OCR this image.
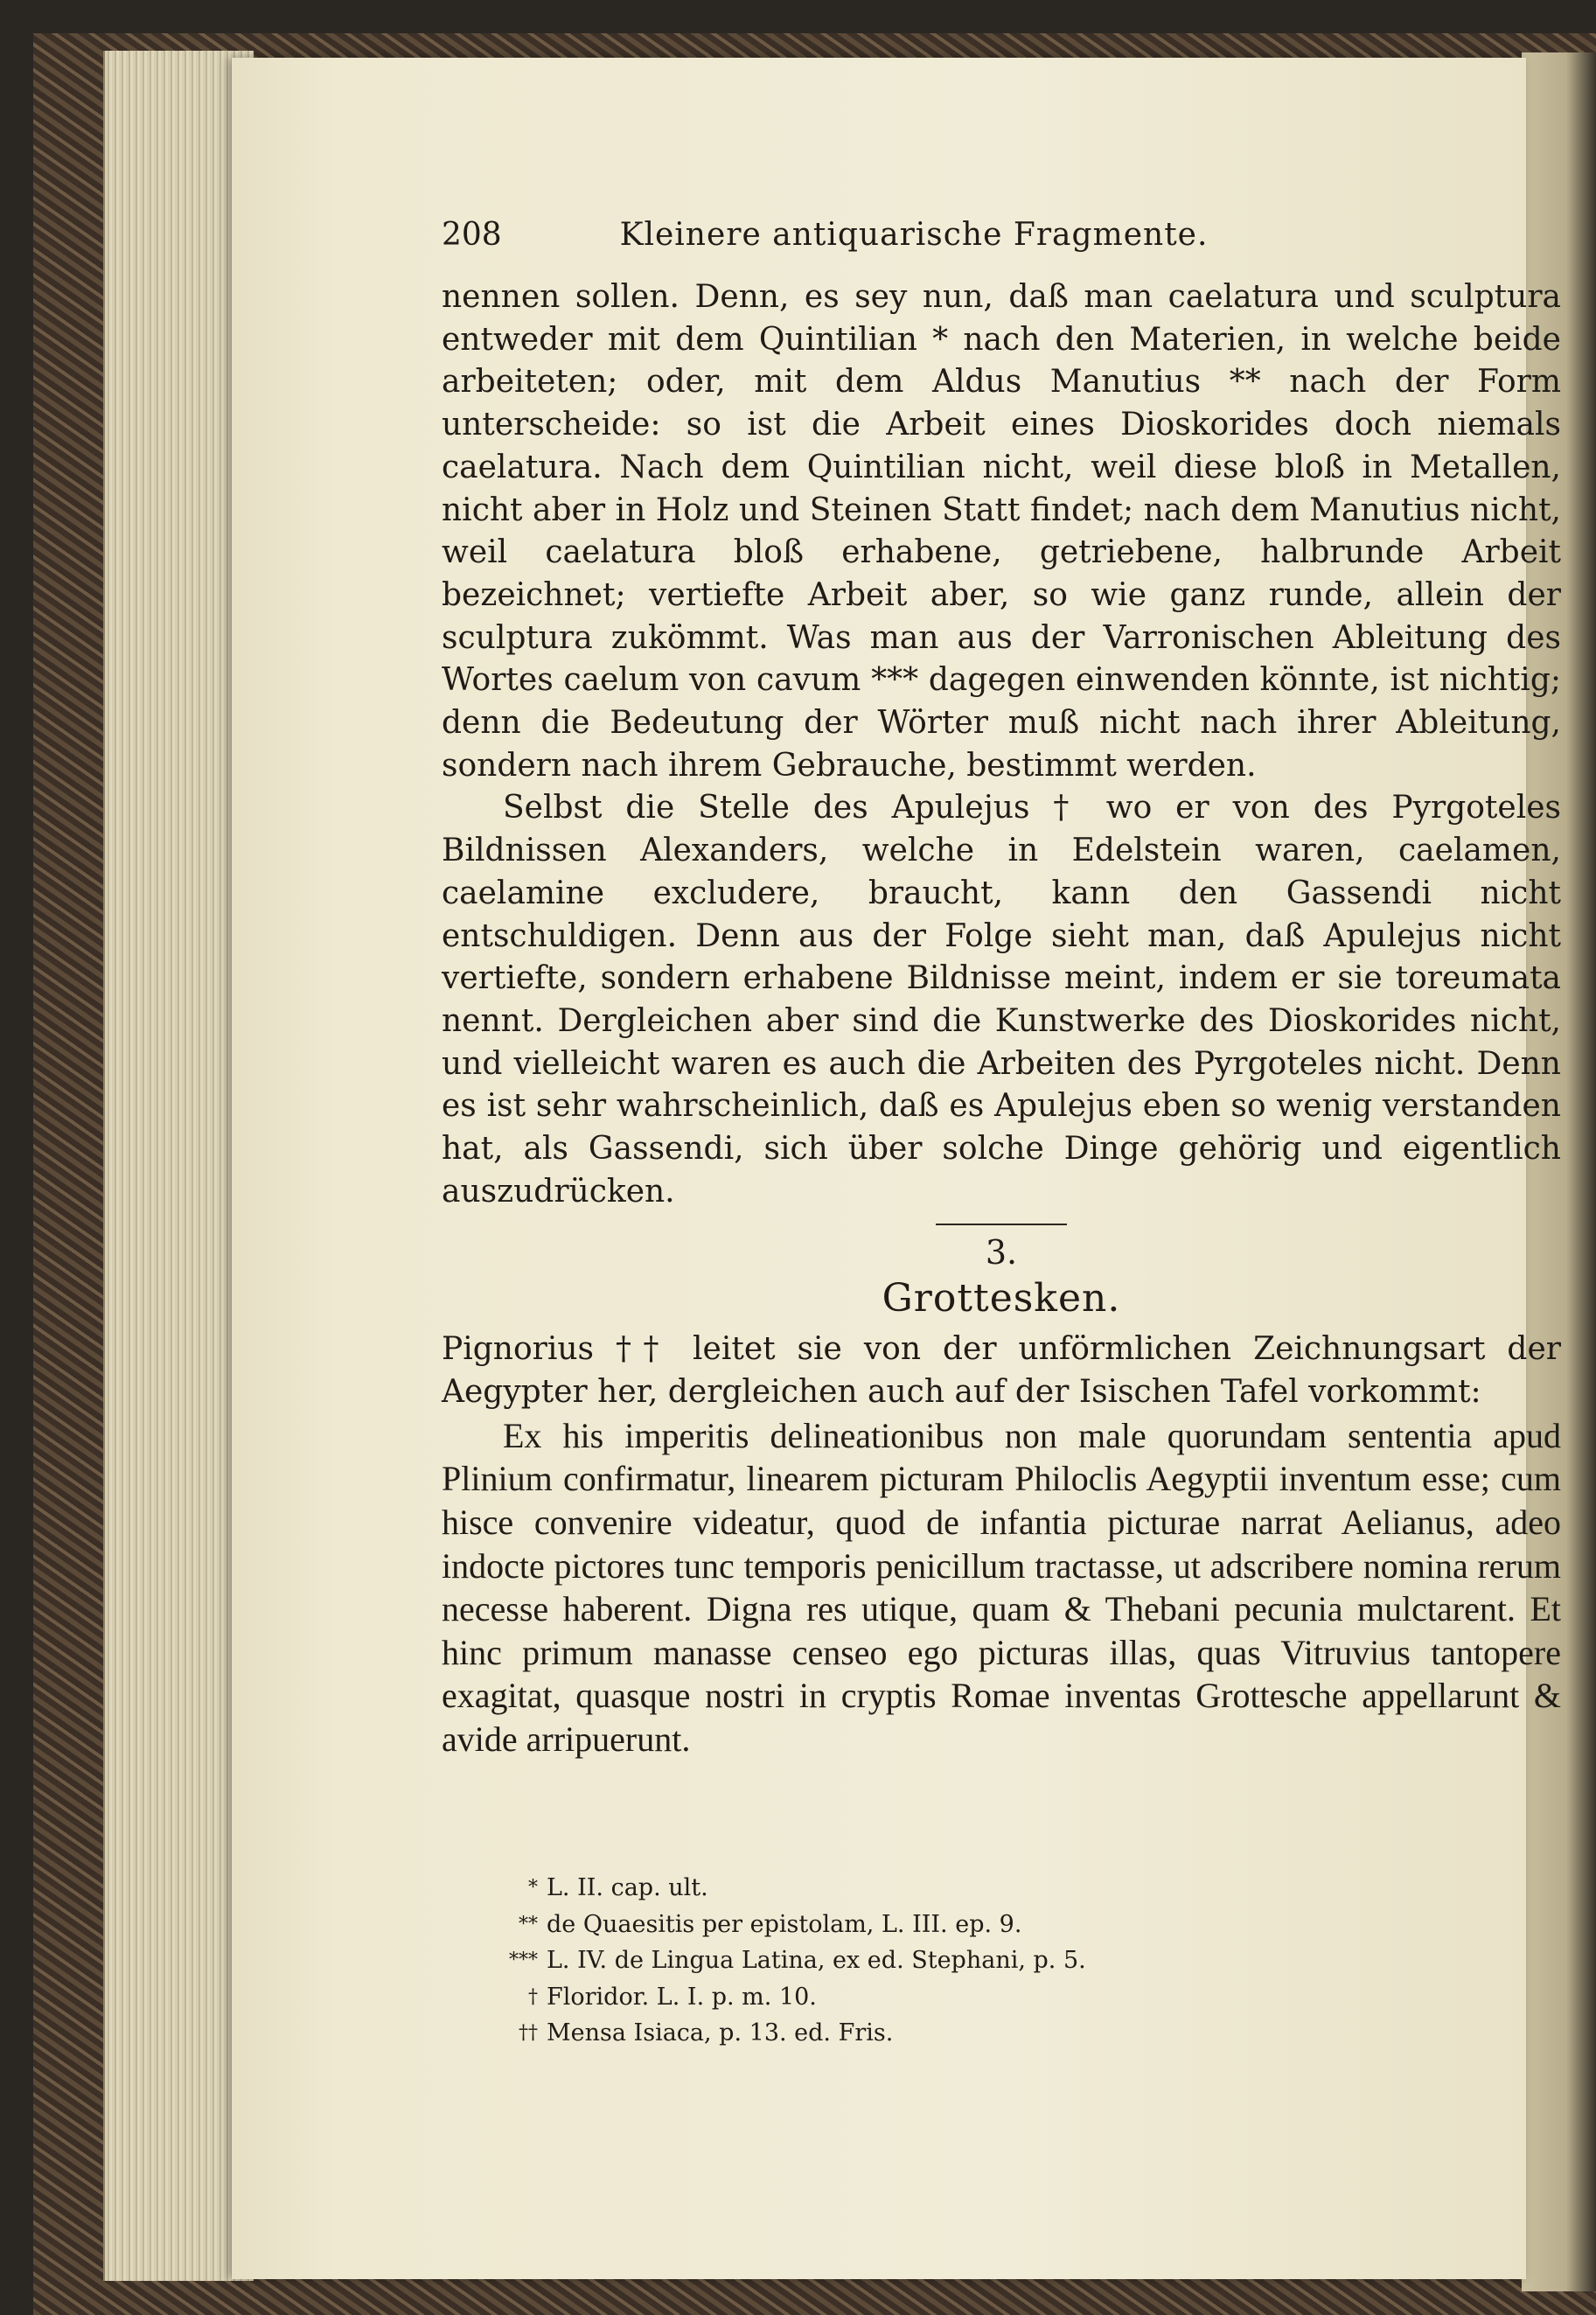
208	Kleinere antiquarische Fragmente.

nennen sollen. Denn, es sey nun, daß man caelatura und sculptura entweder mit dem Quintilian * nach den Materien, in welche beide arbeiteten; oder, mit dem Aldus Manutius ** nach der Form unterscheide: so ist die Arbeit eines Dioskorides doch niemals caelatura. Nach dem Quintilian nicht, weil diese bloß in Metallen, nicht aber in Holz und Steinen Statt findet; nach dem Manutius nicht, weil caelatura bloß erhabene, getriebene, halbrunde Arbeit bezeichnet; vertiefte Arbeit aber, so wie ganz runde, allein der sculptura zukömmt. Was man aus der Varronischen Ableitung des Wortes caelum von cavum *** dagegen einwenden könnte, ist nichtig; denn die Bedeutung der Wörter muß nicht nach ihrer Ableitung, sondern nach ihrem Gebrauche, bestimmt werden.

Selbst die Stelle des Apulejus † wo er von des Pyrgoteles Bildnissen Alexanders, welche in Edelstein waren, caelamen, caelamine excludere, braucht, kann den Gassendi nicht entschuldigen. Denn aus der Folge sieht man, daß Apulejus nicht vertiefte, sondern erhabene Bildnisse meint, indem er sie toreumata nennt. Dergleichen aber sind die Kunstwerke des Dioskorides nicht, und vielleicht waren es auch die Arbeiten des Pyrgoteles nicht. Denn es ist sehr wahrscheinlich, daß es Apulejus eben so wenig verstanden hat, als Gassendi, sich über solche Dinge gehörig und eigentlich auszudrücken.

3.

Grottesken.

Pignorius †† leitet sie von der unförmlichen Zeichnungsart der Aegypter her, dergleichen auch auf der Isischen Tafel vorkommt:

Ex his imperitis delineationibus non male quorundam sententia apud Plinium confirmatur, linearem picturam Philoclis Aegyptii inventum esse; cum hisce convenire videatur, quod de infantia picturae narrat Aelianus, adeo indocte pictores tunc temporis penicillum tractasse, ut adscribere nomina rerum necesse haberent. Digna res utique, quam & Thebani pecunia mulctarent. Et hinc primum manasse censeo ego picturas illas, quas Vitruvius tantopere exagitat, quasque nostri in cryptis Romae inventas Grottesche appellarunt & avide arripuerunt.

* L. II. cap. ult.
** de Quaesitis per epistolam, L. III. ep. 9.
*** L. IV. de Lingua Latina, ex ed. Stephani, p. 5.
† Floridor. L. I. p. m. 10.
†† Mensa Isiaca, p. 13. ed. Fris.
